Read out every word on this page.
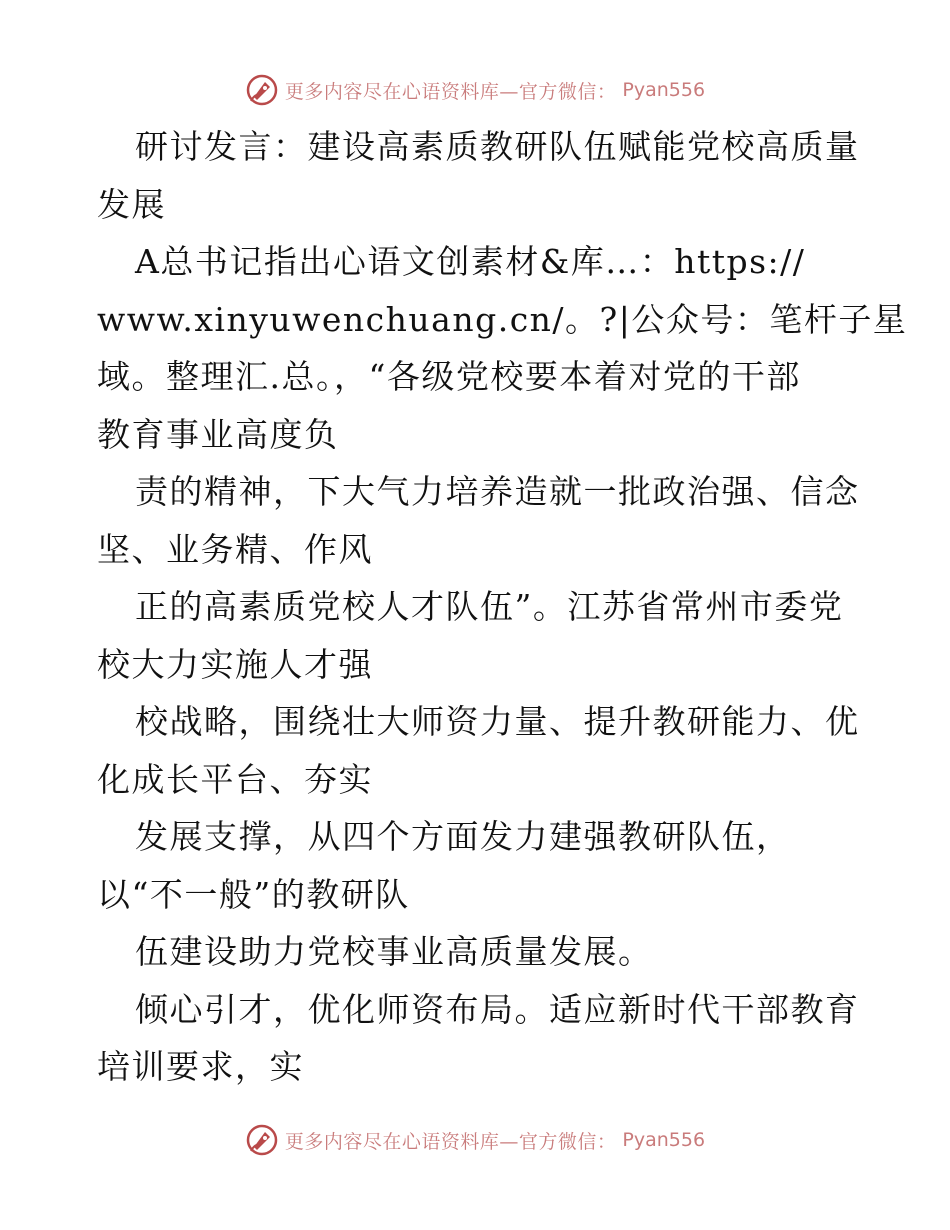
更多内容尽在心语资料库—官方微信： Pyan556
研讨发言：建设高素质教研队伍赋能党校高质量
发展
A总书记指出心语文创素材&库…：https://
www.xinyuwenchuang.cn/。?|公众号：笔杆子星
域。整理汇.总。，“各级党校要本着对党的干部
教育事业高度负
责的精神，下大气力培养造就一批政治强、信念
坚、业务精、作风
正的高素质党校人才队伍”。江苏省常州市委党
校大力实施人才强
校战略，围绕壮大师资力量、提升教研能力、优
化成长平台、夯实
发展支撑，从四个方面发力建强教研队伍，
以“不一般”的教研队
伍建设助力党校事业高质量发展。
倾心引才，优化师资布局。适应新时代干部教育
培训要求，实
更多内容尽在心语资料库—官方微信： Pyan556
